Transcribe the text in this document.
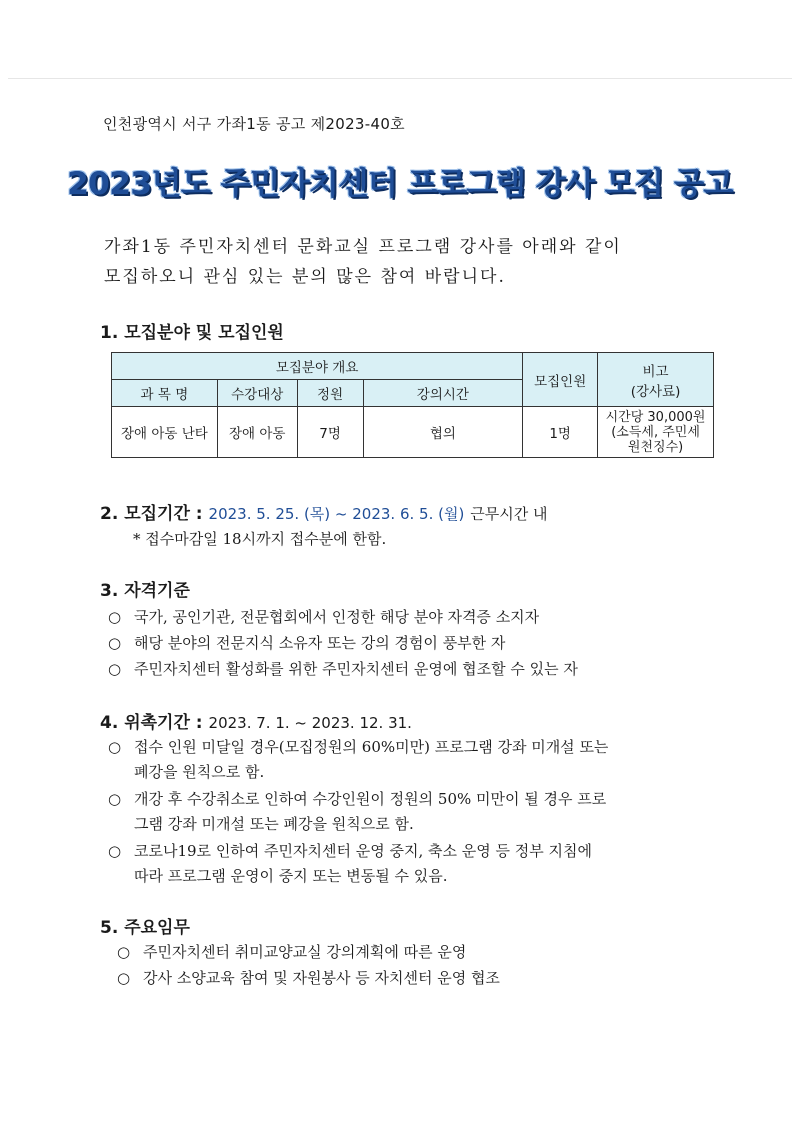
인천광역시 서구 가좌1동 공고 제2023-40호
2023년도 주민자치센터 프로그램 강사 모집 공고
가좌1동 주민자치센터 문화교실 프로그램 강사를 아래와 같이
모집하오니 관심 있는 분의 많은 참여 바랍니다.
1. 모집분야 및 모집인원
모집분야 개요				모집인원	비고
(강사료)

과 목 명	수강대상	정원	강의시간		
장애 아동 난타	장애 아동	7명	협의	1명	시간당 30,000원
(소득세, 주민세
원천징수)
2. 모집기간 : 2023. 5. 25. (목) ~ 2023. 6. 5. (월) 근무시간 내
* 접수마감일 18시까지 접수분에 한함.
3. 자격기준
○ 국가, 공인기관, 전문협회에서 인정한 해당 분야 자격증 소지자
○ 해당 분야의 전문지식 소유자 또는 강의 경험이 풍부한 자
○ 주민자치센터 활성화를 위한 주민자치센터 운영에 협조할 수 있는 자
4. 위촉기간 : 2023. 7. 1. ~ 2023. 12. 31.
○ 접수 인원 미달일 경우(모집정원의 60%미만) 프로그램 강좌 미개설 또는
폐강을 원칙으로 함.
○ 개강 후 수강취소로 인하여 수강인원이 정원의 50% 미만이 될 경우 프로
그램 강좌 미개설 또는 폐강을 원칙으로 함.
○ 코로나19로 인하여 주민자치센터 운영 중지, 축소 운영 등 정부 지침에
따라 프로그램 운영이 중지 또는 변동될 수 있음.
5. 주요임무
○ 주민자치센터 취미교양교실 강의계획에 따른 운영
○ 강사 소양교육 참여 및 자원봉사 등 자치센터 운영 협조
